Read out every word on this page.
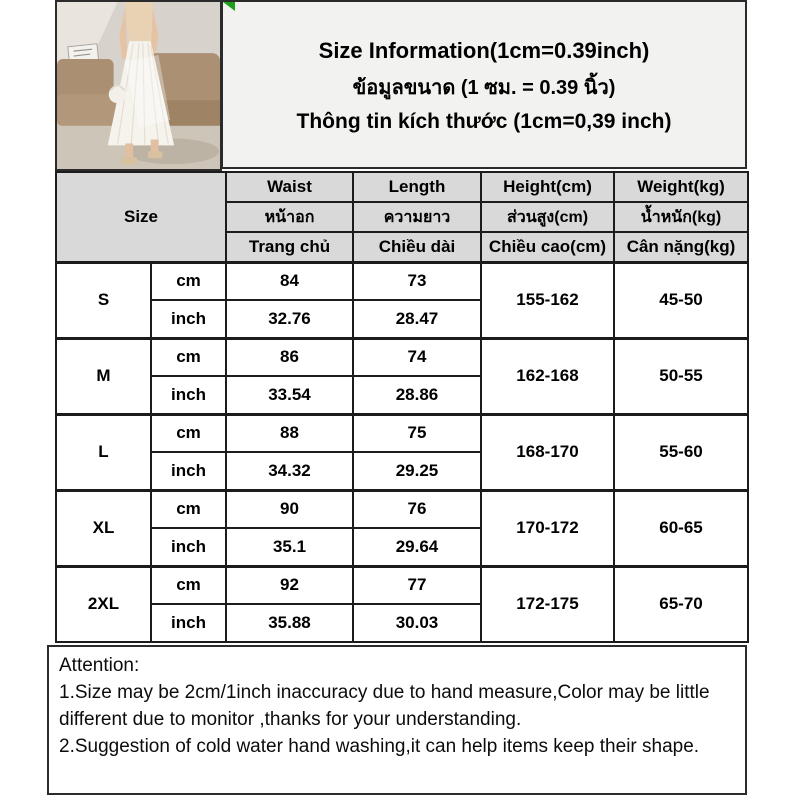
Size Information(1cm=0.39inch)
ข้อมูลขนาด (1 ซม. = 0.39 นิ้ว)
Thông tin kích thước (1cm=0,39 inch)
Size		Waist	Length	Height(cm)	Weight(kg)
		หน้าอก	ความยาว	ส่วนสูง(cm)	น้ำหนัก(kg)
		Trang chủ	Chiều dài	Chiều cao(cm)	Cân nặng(kg)
S	cm	84	73	155-162	45-50
	inch	32.76	28.47		
M	cm	86	74	162-168	50-55
	inch	33.54	28.86		
L	cm	88	75	168-170	55-60
	inch	34.32	29.25		
XL	cm	90	76	170-172	60-65
	inch	35.1	29.64		
2XL	cm	92	77	172-175	65-70
	inch	35.88	30.03		

Attention:

1.Size may be 2cm/1inch inaccuracy due to hand measure,Color may be little different due to monitor ,thanks for your understanding.

2.Suggestion of cold water hand washing,it can help items keep their shape.
